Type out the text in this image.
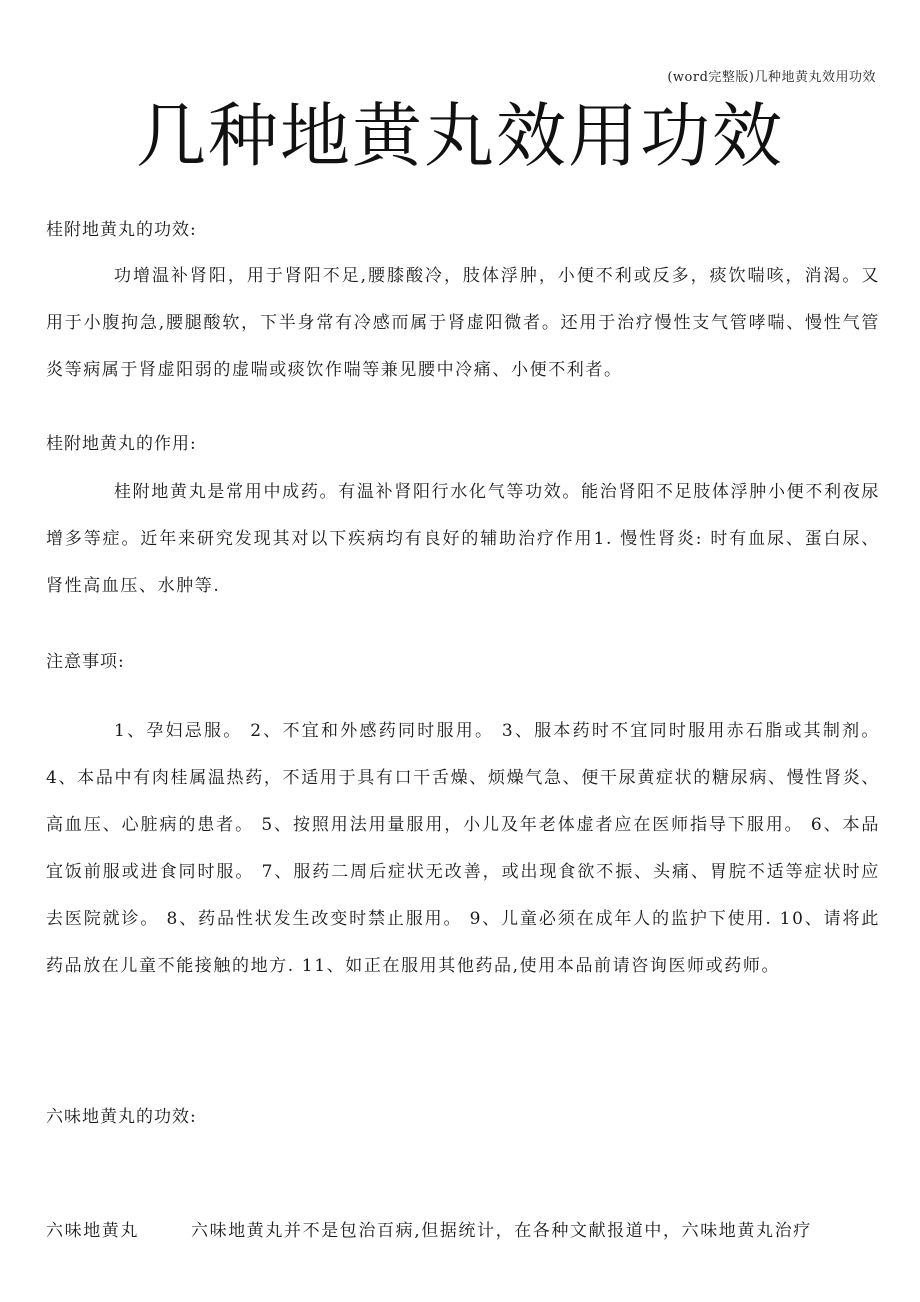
(word完整版)几种地黄丸效用功效
几种地黄丸效用功效

桂附地黄丸的功效:

功增温补肾阳，用于肾阳不足,腰膝酸冷，肢体浮肿，小便不利或反多，痰饮喘咳，消渴。又用于小腹拘急,腰腿酸软，下半身常有冷感而属于肾虚阳微者。还用于治疗慢性支气管哮喘、慢性气管炎等病属于肾虚阳弱的虚喘或痰饮作喘等兼见腰中冷痛、小便不利者。

桂附地黄丸的作用:

桂附地黄丸是常用中成药。有温补肾阳行水化气等功效。能治肾阳不足肢体浮肿小便不利夜尿增多等症。近年来研究发现其对以下疾病均有良好的辅助治疗作用1. 慢性肾炎: 时有血尿、蛋白尿、肾性高血压、水肿等.

注意事项:

1、孕妇忌服。 2、不宜和外感药同时服用。 3、服本药时不宜同时服用赤石脂或其制剂。 4、本品中有肉桂属温热药，不适用于具有口干舌燥、烦燥气急、便干尿黄症状的糖尿病、慢性肾炎、高血压、心脏病的患者。 5、按照用法用量服用，小儿及年老体虚者应在医师指导下服用。 6、本品宜饭前服或进食同时服。 7、服药二周后症状无改善，或出现食欲不振、头痛、胃脘不适等症状时应去医院就诊。 8、药品性状发生改变时禁止服用。 9、儿童必须在成年人的监护下使用. 10、请将此药品放在儿童不能接触的地方. 11、如正在服用其他药品,使用本品前请咨询医师或药师。

六味地黄丸的功效:

六味地黄丸	六味地黄丸并不是包治百病,但据统计，在各种文献报道中，六味地黄丸治疗
